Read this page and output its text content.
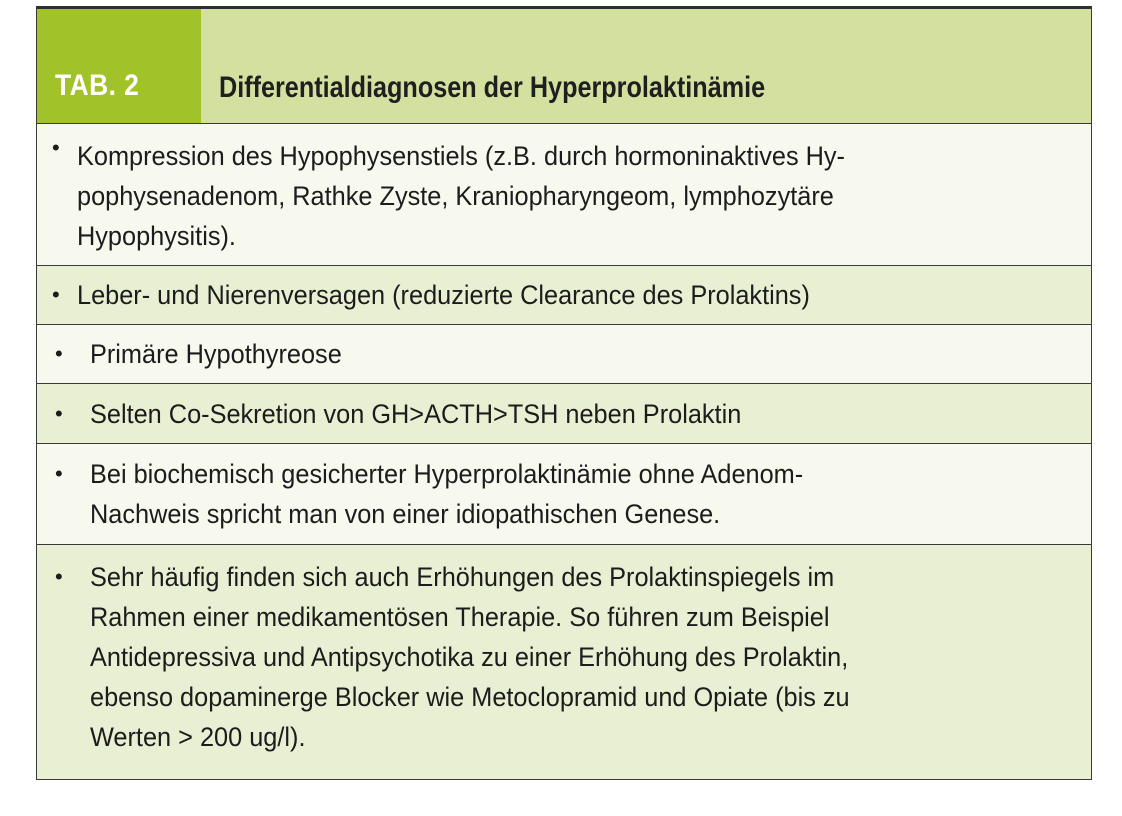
TAB. 2	Differentialdiagnosen der Hyperprolaktinämie
• Kompression des Hypophysenstiels (z.B. durch hormoninaktives Hy-
pophysenadenom, Rathke Zyste, Kraniopharyngeom, lymphozytäre
Hypophysitis).
• Leber- und Nierenversagen (reduzierte Clearance des Prolaktins)
• Primäre Hypothyreose
• Selten Co-Sekretion von GH>ACTH>TSH neben Prolaktin
• Bei biochemisch gesicherter Hyperprolaktinämie ohne Adenom-
Nachweis spricht man von einer idiopathischen Genese.
• Sehr häufig finden sich auch Erhöhungen des Prolaktinspiegels im
Rahmen einer medikamentösen Therapie. So führen zum Beispiel
Antidepressiva und Antipsychotika zu einer Erhöhung des Prolaktin,
ebenso dopaminerge Blocker wie Metoclopramid und Opiate (bis zu
Werten > 200 ug/l).
